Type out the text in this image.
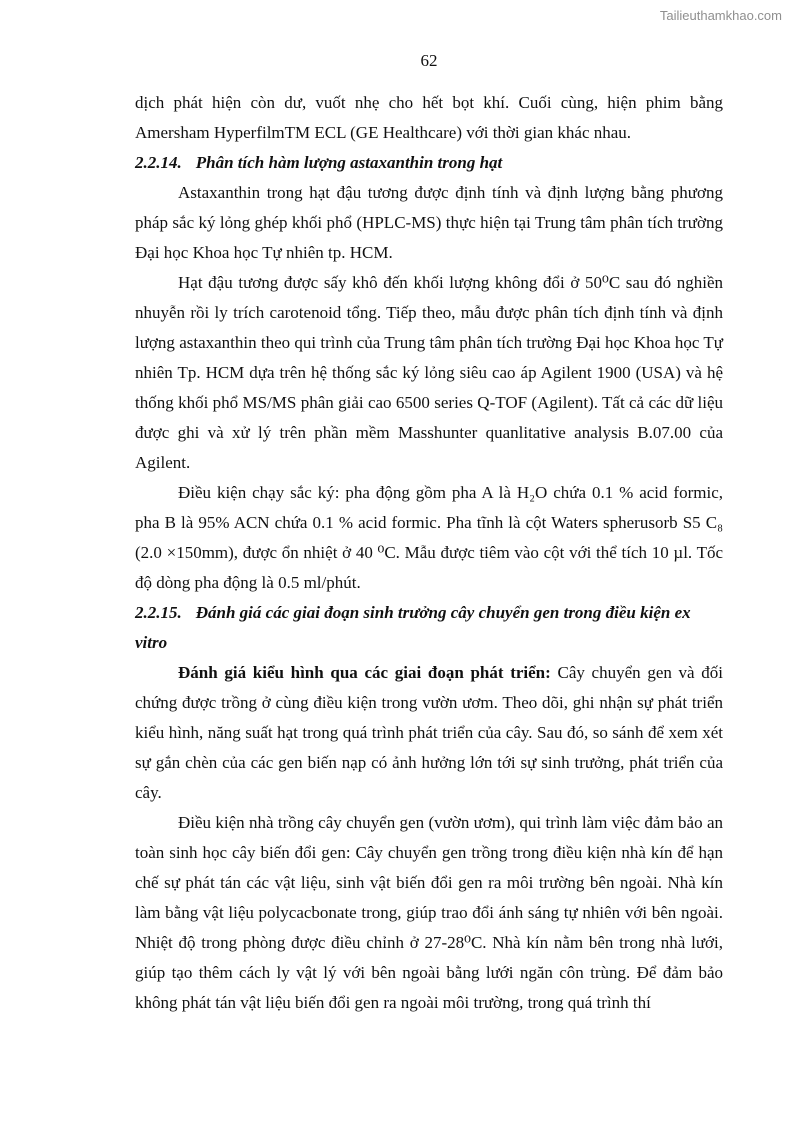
Tailieuthamkhao.com
62

dịch phát hiện còn dư, vuốt nhẹ cho hết bọt khí. Cuối cùng, hiện phim bằng Amersham HyperfilmTM ECL (GE Healthcare) với thời gian khác nhau.

2.2.14. Phân tích hàm lượng astaxanthin trong hạt

Astaxanthin trong hạt đậu tương được định tính và định lượng bằng phương pháp sắc ký lỏng ghép khối phổ (HPLC-MS) thực hiện tại Trung tâm phân tích trường Đại học Khoa học Tự nhiên tp. HCM.

Hạt đậu tương được sấy khô đến khối lượng không đổi ở 50⁰C sau đó nghiền nhuyễn rồi ly trích carotenoid tổng. Tiếp theo, mẫu được phân tích định tính và định lượng astaxanthin theo qui trình của Trung tâm phân tích trường Đại học Khoa học Tự nhiên Tp. HCM dựa trên hệ thống sắc ký lỏng siêu cao áp Agilent 1900 (USA) và hệ thống khối phổ MS/MS phân giải cao 6500 series Q-TOF (Agilent). Tất cả các dữ liệu được ghi và xử lý trên phần mềm Masshunter quanlitative analysis B.07.00 của Agilent.

Điều kiện chạy sắc ký: pha động gồm pha A là H₂O chứa 0.1 % acid formic, pha B là 95% ACN chứa 0.1 % acid formic. Pha tĩnh là cột Waters spherusorb S5 C₈ (2.0 ×150mm), được ổn nhiệt ở 40 ⁰C. Mẫu được tiêm vào cột với thể tích 10 µl. Tốc độ dòng pha động là 0.5 ml/phút.

2.2.15. Đánh giá các giai đoạn sinh trưởng cây chuyển gen trong điều kiện ex vitro

Đánh giá kiểu hình qua các giai đoạn phát triển: Cây chuyển gen và đối chứng được trồng ở cùng điều kiện trong vườn ươm. Theo dõi, ghi nhận sự phát triển kiểu hình, năng suất hạt trong quá trình phát triển của cây. Sau đó, so sánh để xem xét sự gắn chèn của các gen biến nạp có ảnh hưởng lớn tới sự sinh trưởng, phát triển của cây.

Điều kiện nhà trồng cây chuyển gen (vườn ươm), qui trình làm việc đảm bảo an toàn sinh học cây biến đổi gen: Cây chuyển gen trồng trong điều kiện nhà kín để hạn chế sự phát tán các vật liệu, sinh vật biến đổi gen ra môi trường bên ngoài. Nhà kín làm bằng vật liệu polycacbonate trong, giúp trao đổi ánh sáng tự nhiên với bên ngoài. Nhiệt độ trong phòng được điều chỉnh ở 27-28⁰C. Nhà kín nằm bên trong nhà lưới, giúp tạo thêm cách ly vật lý với bên ngoài bằng lưới ngăn côn trùng. Để đảm bảo không phát tán vật liệu biến đổi gen ra ngoài môi trường, trong quá trình thí
